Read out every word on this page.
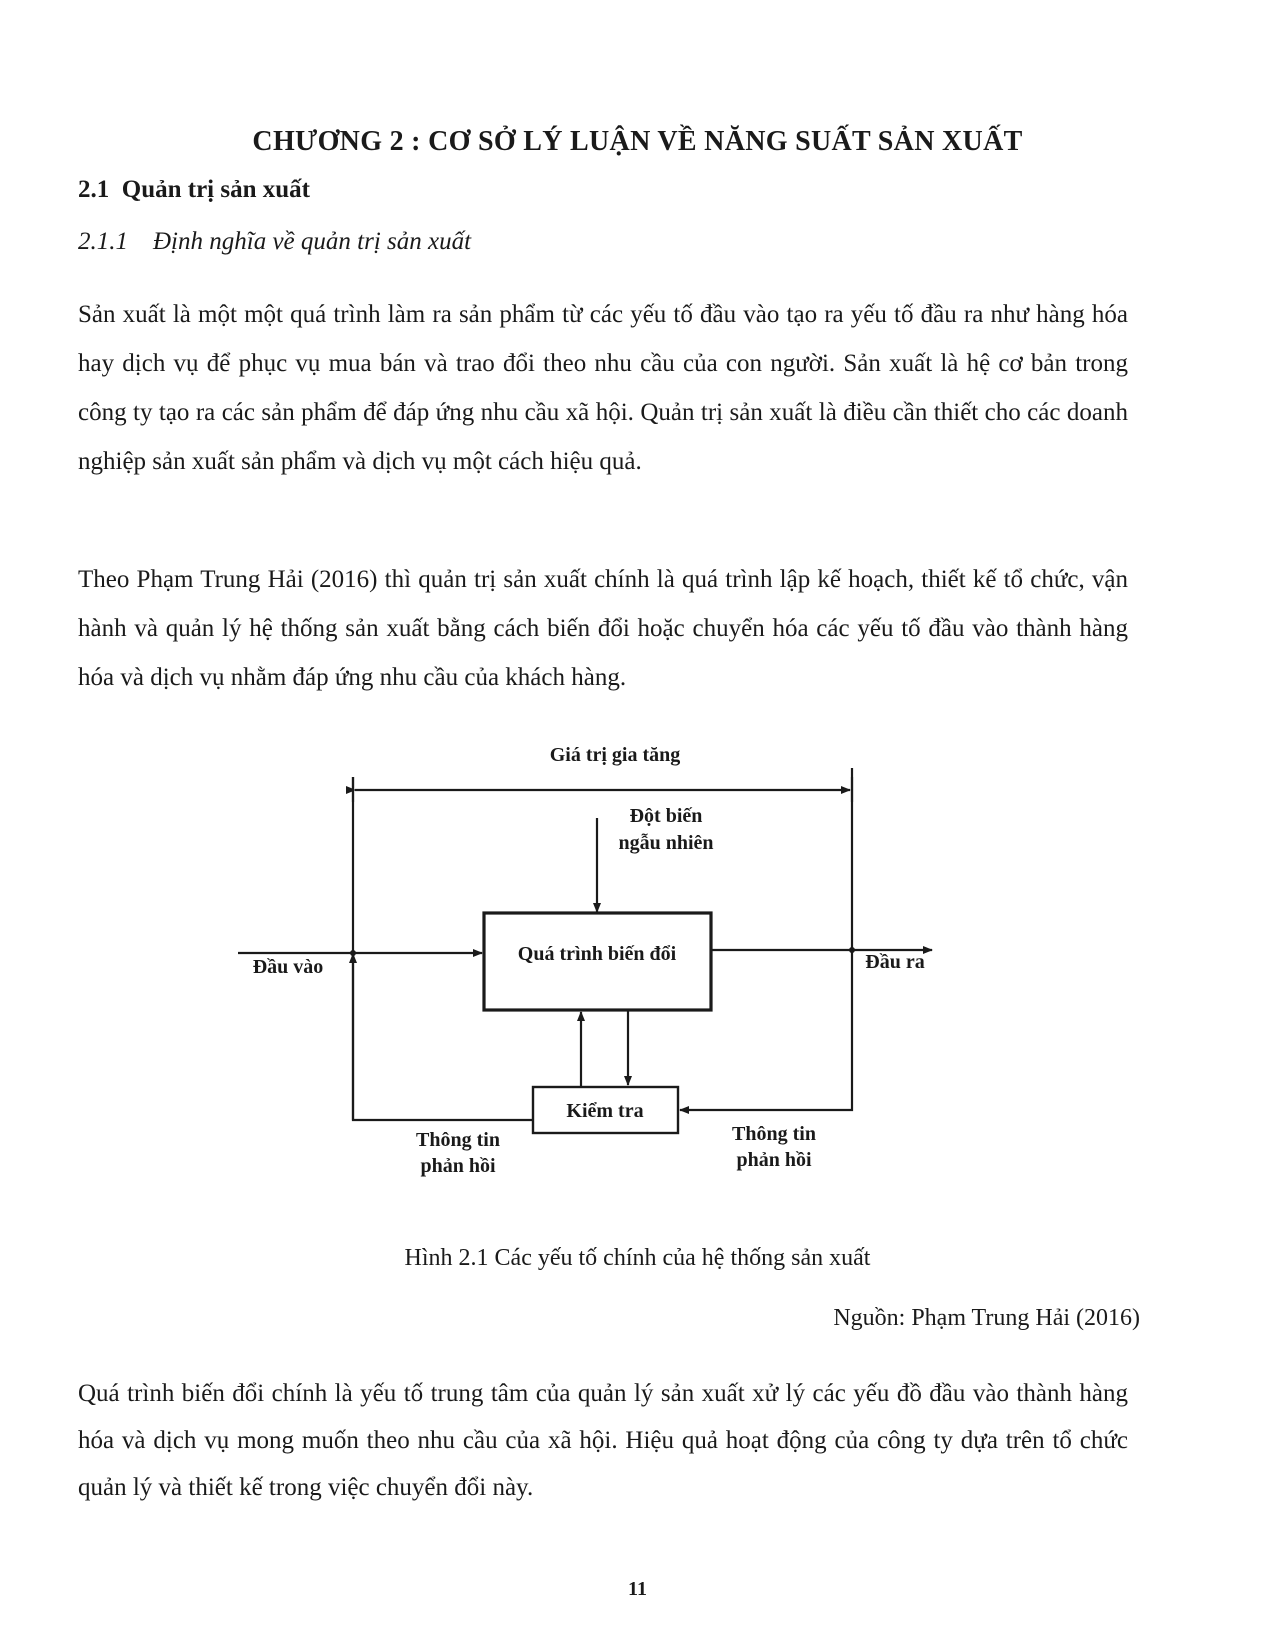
CHƯƠNG 2 : CƠ SỞ LÝ LUẬN VỀ NĂNG SUẤT SẢN XUẤT
2.1 Quản trị sản xuất
2.1.1 Định nghĩa về quản trị sản xuất

Sản xuất là một một quá trình làm ra sản phẩm từ các yếu tố đầu vào tạo ra yếu tố đầu ra như hàng hóa hay dịch vụ để phục vụ mua bán và trao đổi theo nhu cầu của con người. Sản xuất là hệ cơ bản trong công ty tạo ra các sản phẩm để đáp ứng nhu cầu xã hội. Quản trị sản xuất là điều cần thiết cho các doanh nghiệp sản xuất sản phẩm và dịch vụ một cách hiệu quả.

Theo Phạm Trung Hải (2016) thì quản trị sản xuất chính là quá trình lập kế hoạch, thiết kế tổ chức, vận hành và quản lý hệ thống sản xuất bằng cách biến đổi hoặc chuyển hóa các yếu tố đầu vào thành hàng hóa và dịch vụ nhằm đáp ứng nhu cầu của khách hàng.

Giá trị gia tăng
Đột biến
ngẫu nhiên
Quá trình biến đổi
Đầu vào	Đầu ra
Kiểm tra
Thông tin
phản hồi
Thông tin
phản hồi
Hình 2.1 Các yếu tố chính của hệ thống sản xuất
Nguồn: Phạm Trung Hải (2016)

Quá trình biến đổi chính là yếu tố trung tâm của quản lý sản xuất xử lý các yếu đồ đầu vào thành hàng hóa và dịch vụ mong muốn theo nhu cầu của xã hội. Hiệu quả hoạt động của công ty dựa trên tổ chức quản lý và thiết kế trong việc chuyển đổi này.

11
